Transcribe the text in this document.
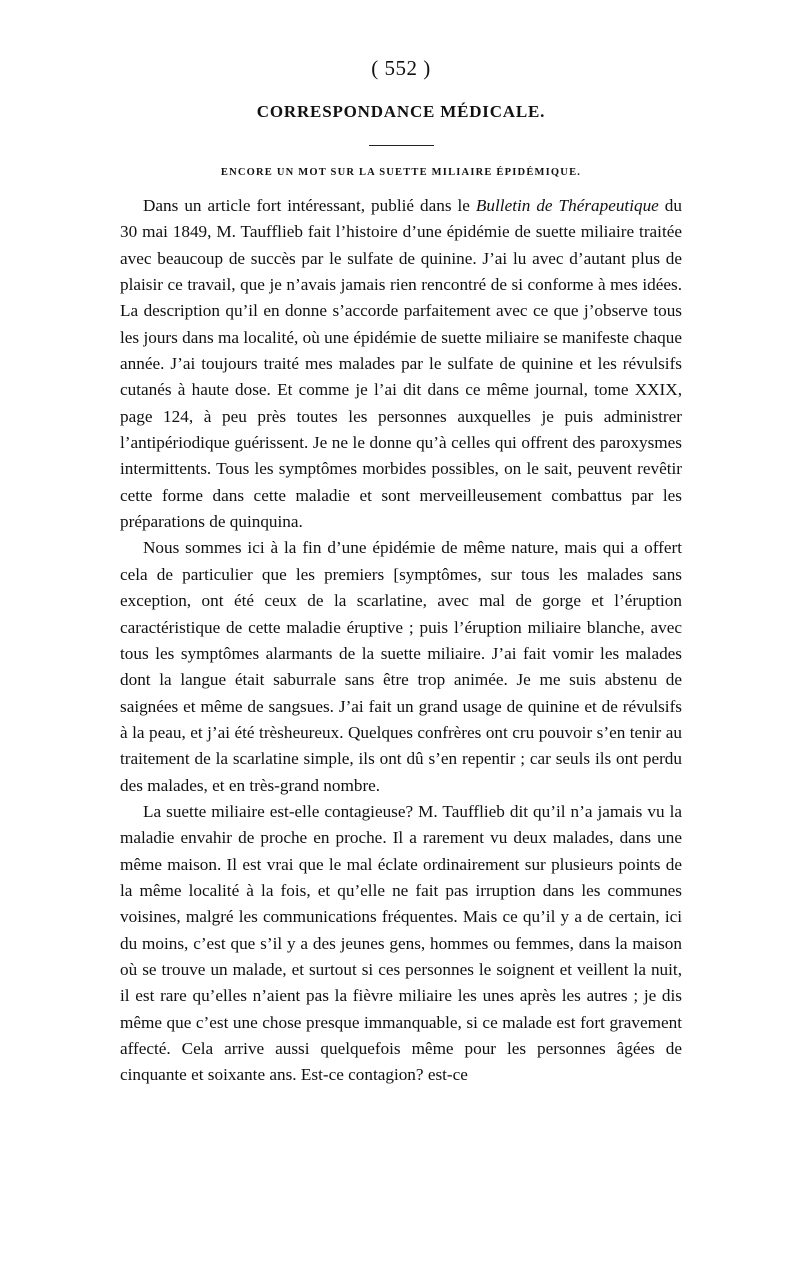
( 552 )
CORRESPONDANCE MÉDICALE.
ENCORE UN MOT SUR LA SUETTE MILIAIRE ÉPIDÉMIQUE.

Dans un article fort intéressant, publié dans le Bulletin de Thérapeutique du 30 mai 1849, M. Taufflieb fait l’histoire d’une épidémie de suette miliaire traitée avec beaucoup de succès par le sulfate de quinine. J’ai lu avec d’autant plus de plaisir ce travail, que je n’avais jamais rien rencontré de si conforme à mes idées. La description qu’il en donne s’accorde parfaitement avec ce que j’observe tous les jours dans ma localité, où une épidémie de suette miliaire se manifeste chaque année. J’ai toujours traité mes malades par le sulfate de quinine et les révulsifs cutanés à haute dose. Et comme je l’ai dit dans ce même journal, tome XXIX, page 124, à peu près toutes les personnes auxquelles je puis administrer l’antipériodique guérissent. Je ne le donne qu’à celles qui offrent des paroxysmes intermittents. Tous les symptômes morbides possibles, on le sait, peuvent revêtir cette forme dans cette maladie et sont merveilleusement combattus par les préparations de quinquina.

Nous sommes ici à la fin d’une épidémie de même nature, mais qui a offert cela de particulier que les premiers [symptômes, sur tous les malades sans exception, ont été ceux de la scarlatine, avec mal de gorge et l’éruption caractéristique de cette maladie éruptive ; puis l’éruption miliaire blanche, avec tous les symptômes alarmants de la suette miliaire. J’ai fait vomir les malades dont la langue était saburrale sans être trop animée. Je me suis abstenu de saignées et même de sangsues. J’ai fait un grand usage de quinine et de révulsifs à la peau, et j’ai été trèsheureux. Quelques confrères ont cru pouvoir s’en tenir au traitement de la scarlatine simple, ils ont dû s’en repentir ; car seuls ils ont perdu des malades, et en très-grand nombre.

La suette miliaire est-elle contagieuse? M. Taufflieb dit qu’il n’a jamais vu la maladie envahir de proche en proche. Il a rarement vu deux malades, dans une même maison. Il est vrai que le mal éclate ordinairement sur plusieurs points de la même localité à la fois, et qu’elle ne fait pas irruption dans les communes voisines, malgré les communications fréquentes. Mais ce qu’il y a de certain, ici du moins, c’est que s’il y a des jeunes gens, hommes ou femmes, dans la maison où se trouve un malade, et surtout si ces personnes le soignent et veillent la nuit, il est rare qu’elles n’aient pas la fièvre miliaire les unes après les autres ; je dis même que c’est une chose presque immanquable, si ce malade est fort gravement affecté. Cela arrive aussi quelquefois même pour les personnes âgées de cinquante et soixante ans. Est-ce contagion? est-ce
